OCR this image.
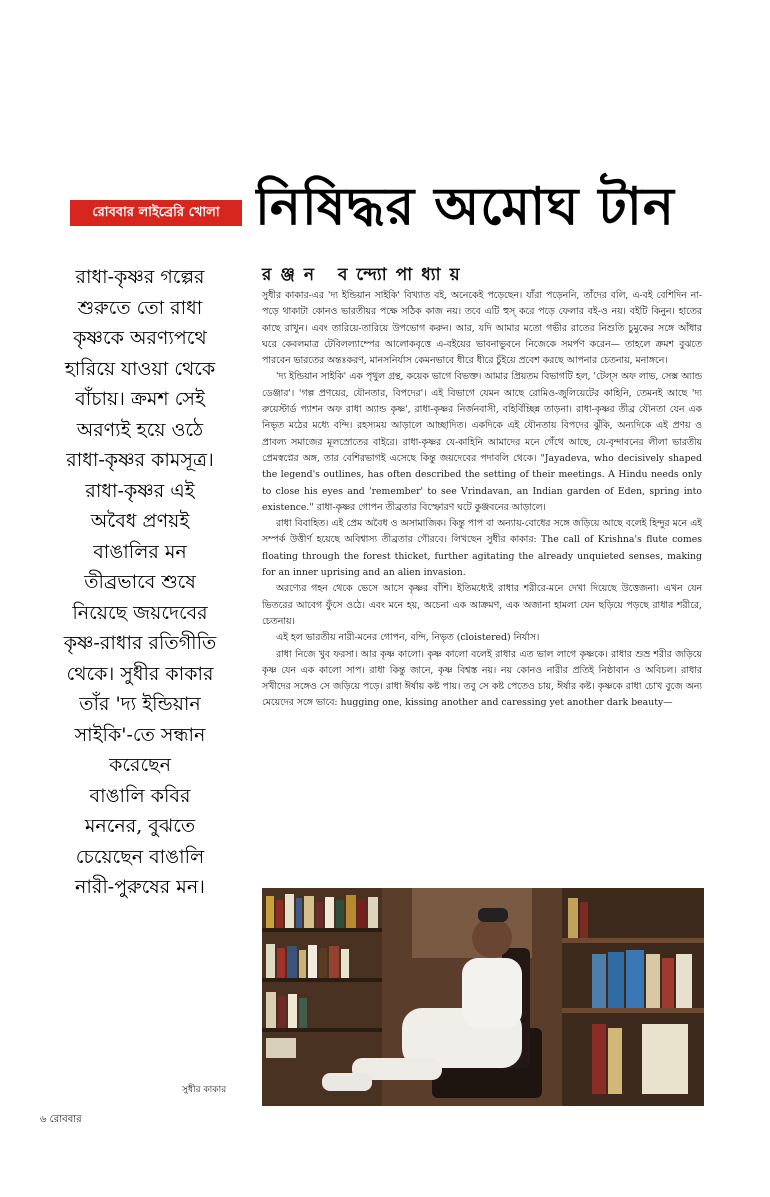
রোববার লাইব্রেরি খোলা নিষিদ্ধর অমোঘ টান
রঞ্জন বন্দ্যোপাধ্যায়
রাধা-কৃষ্ণর গল্পের
শুরুতে তো রাধা
কৃষ্ণকে অরণ্যপথে
হারিয়ে যাওয়া থেকে
বাঁচায়। ক্রমশ সেই
অরণ্যই হয়ে ওঠে
রাধা-কৃষ্ণর কামসূত্র।
রাধা-কৃষ্ণর এই
অবৈধ প্রণয়ই
বাঙালির মন
তীব্রভাবে শুষে
নিয়েছে জয়দেবের
কৃষ্ণ-রাধার রতিগীতি
থেকে। সুধীর কাকার
তাঁর 'দ্য ইন্ডিয়ান
সাইকি'-তে সন্ধান
করেছেন
বাঙালি কবির
মননের, বুঝতে
চেয়েছেন বাঙালি
নারী-পুরুষের মন।

সুধীর কাকার-এর 'দ্য ইন্ডিয়ান সাইকি' বিখ্যাত বই, অনেকেই পড়েছেন। যাঁরা পড়েননি, তাঁদের বলি, এ-বই বেশিদিন না-পড়ে থাকাটা কোনও ভারতীয়র পক্ষে সঠিক কাজ নয়। তবে এটি হুস্ করে পড়ে ফেলার বই-ও নয়। বইটি কিনুন। হাতের কাছে রাখুন। এবং তারিয়ে-তারিয়ে উপভোগ করুন। আর, যদি আমার মতো গভীর রাতের নিশুতি চুমুকের সঙ্গে আঁধার ঘরে কেবলমাত্র টেবিলল্যাম্পের আলোকবৃত্তে এ-বইয়ের ভাবনাভুবনে নিজেকে সমর্পণ করেন— তাহলে ক্রমশ বুঝতে পারবেন ভারতের অন্তঃকরণ, মানসনির্যাস কেমনভাবে ধীরে ধীরে চুঁইয়ে প্রবেশ করছে আপনার চেতনায়, মনাঙ্গনে।

'দ্য ইন্ডিয়ান সাইকি' এক পৃথুল গ্রন্থ, কয়েক ভাগে বিভক্ত। আমার প্রিয়তম বিভাগটি হল, 'টেল্‌স অফ লাভ, সেক্স অ্যান্ড ডেঞ্জার'। 'গল্প প্রণয়ের, যৌনতার, বিপদের'। এই বিভাগে যেমন আছে রোমিও-জুলিয়েটের কাহিনি, তেমনই আছে 'দ্য রুয়েস্টার্ড প্যাশন অফ রাধা অ্যান্ড কৃষ্ণ', রাধা-কৃষ্ণর নির্জনবাসী, বহির্বিচ্ছিন্ন তাড়না। রাধা-কৃষ্ণর তীব্র যৌনতা যেন এক নিভৃত মঠের মধ্যে বন্দি। রহস্যময় আড়ালে আচ্ছাদিত। একদিকে এই যৌনতায় বিপদের ঝুঁকি, অন্যদিকে এই প্রণয় ও প্রাবল্য সমাজের মূলস্রোতের বাইরে। রাধা-কৃষ্ণর যে-কাহিনি আমাদের মনে গেঁথে আছে, যে-বৃন্দাবনের লীলা ভারতীয় প্রেমস্বপ্নের অঙ্গ, তার বেশিরভাগই এসেছে কিন্তু জয়দেবের পদাবলি থেকে। "Jayadeva, who decisively shaped the legend's outlines, has often described the setting of their meetings. A Hindu needs only to close his eyes and 'remember' to see Vrindavan, an Indian garden of Eden, spring into existence." রাধা-কৃষ্ণর গোপন তীব্রতার বিস্ফোরণ ঘটে কুঞ্জবনের আড়ালে।

রাধা বিবাহিত। এই প্রেম অবৈধ ও অসামাজিক। কিন্তু পাপ বা অন্যায়-বোধের সঙ্গে জড়িয়ে আছে বলেই হিন্দুর মনে এই সম্পর্ক উত্তীর্ণ হয়েছে অবিশ্বাস্য তীব্রতার গৌরবে। লিখছেন সুধীর কাকার: The call of Krishna's flute comes floating through the forest thicket, further agitating the already unquieted senses, making for an inner uprising and an alien invasion.

অরণ্যের গহন থেকে ভেসে আসে কৃষ্ণর বাঁশি। ইতিমধ্যেই রাধার শরীরে-মনে দেখা দিয়েছে উত্তেজনা। এখন যেন ভিতরের আবেগ ফুঁসে ওঠে। এবং মনে হয়, অচেনা এক আক্রমণ, এক অজানা হামলা যেন ছড়িয়ে পড়ছে রাধার শরীরে, চেতনায়।

এই হল ভারতীয় নারী-মনের গোপন, বন্দি, নিভৃত (cloistered) নির্যাস।

রাধা নিজে খুব ফরসা। আর কৃষ্ণ কালো। কৃষ্ণ কালো বলেই রাধার এত ভাল লাগে কৃষ্ণকে। রাধার শুভ্র শরীর জড়িয়ে কৃষ্ণ যেন এক কালো সাপ। রাধা কিন্তু জানে, কৃষ্ণ বিশ্বস্ত নয়। নয় কোনও নারীর প্রতিই নিষ্ঠাবান ও অবিচল। রাধার সখীদের সঙ্গেও সে জড়িয়ে পড়ে। রাধা ঈর্ষায় কষ্ট পায়। তবু সে কষ্ট পেতেও চায়, ঈর্ষার কষ্ট। কৃষ্ণকে রাধা চোখ বুজে অন্য মেয়েদের সঙ্গে ভাবে: hugging one, kissing another and caressing yet another dark beauty—

সুধীর কাকার
৬ রোববার
